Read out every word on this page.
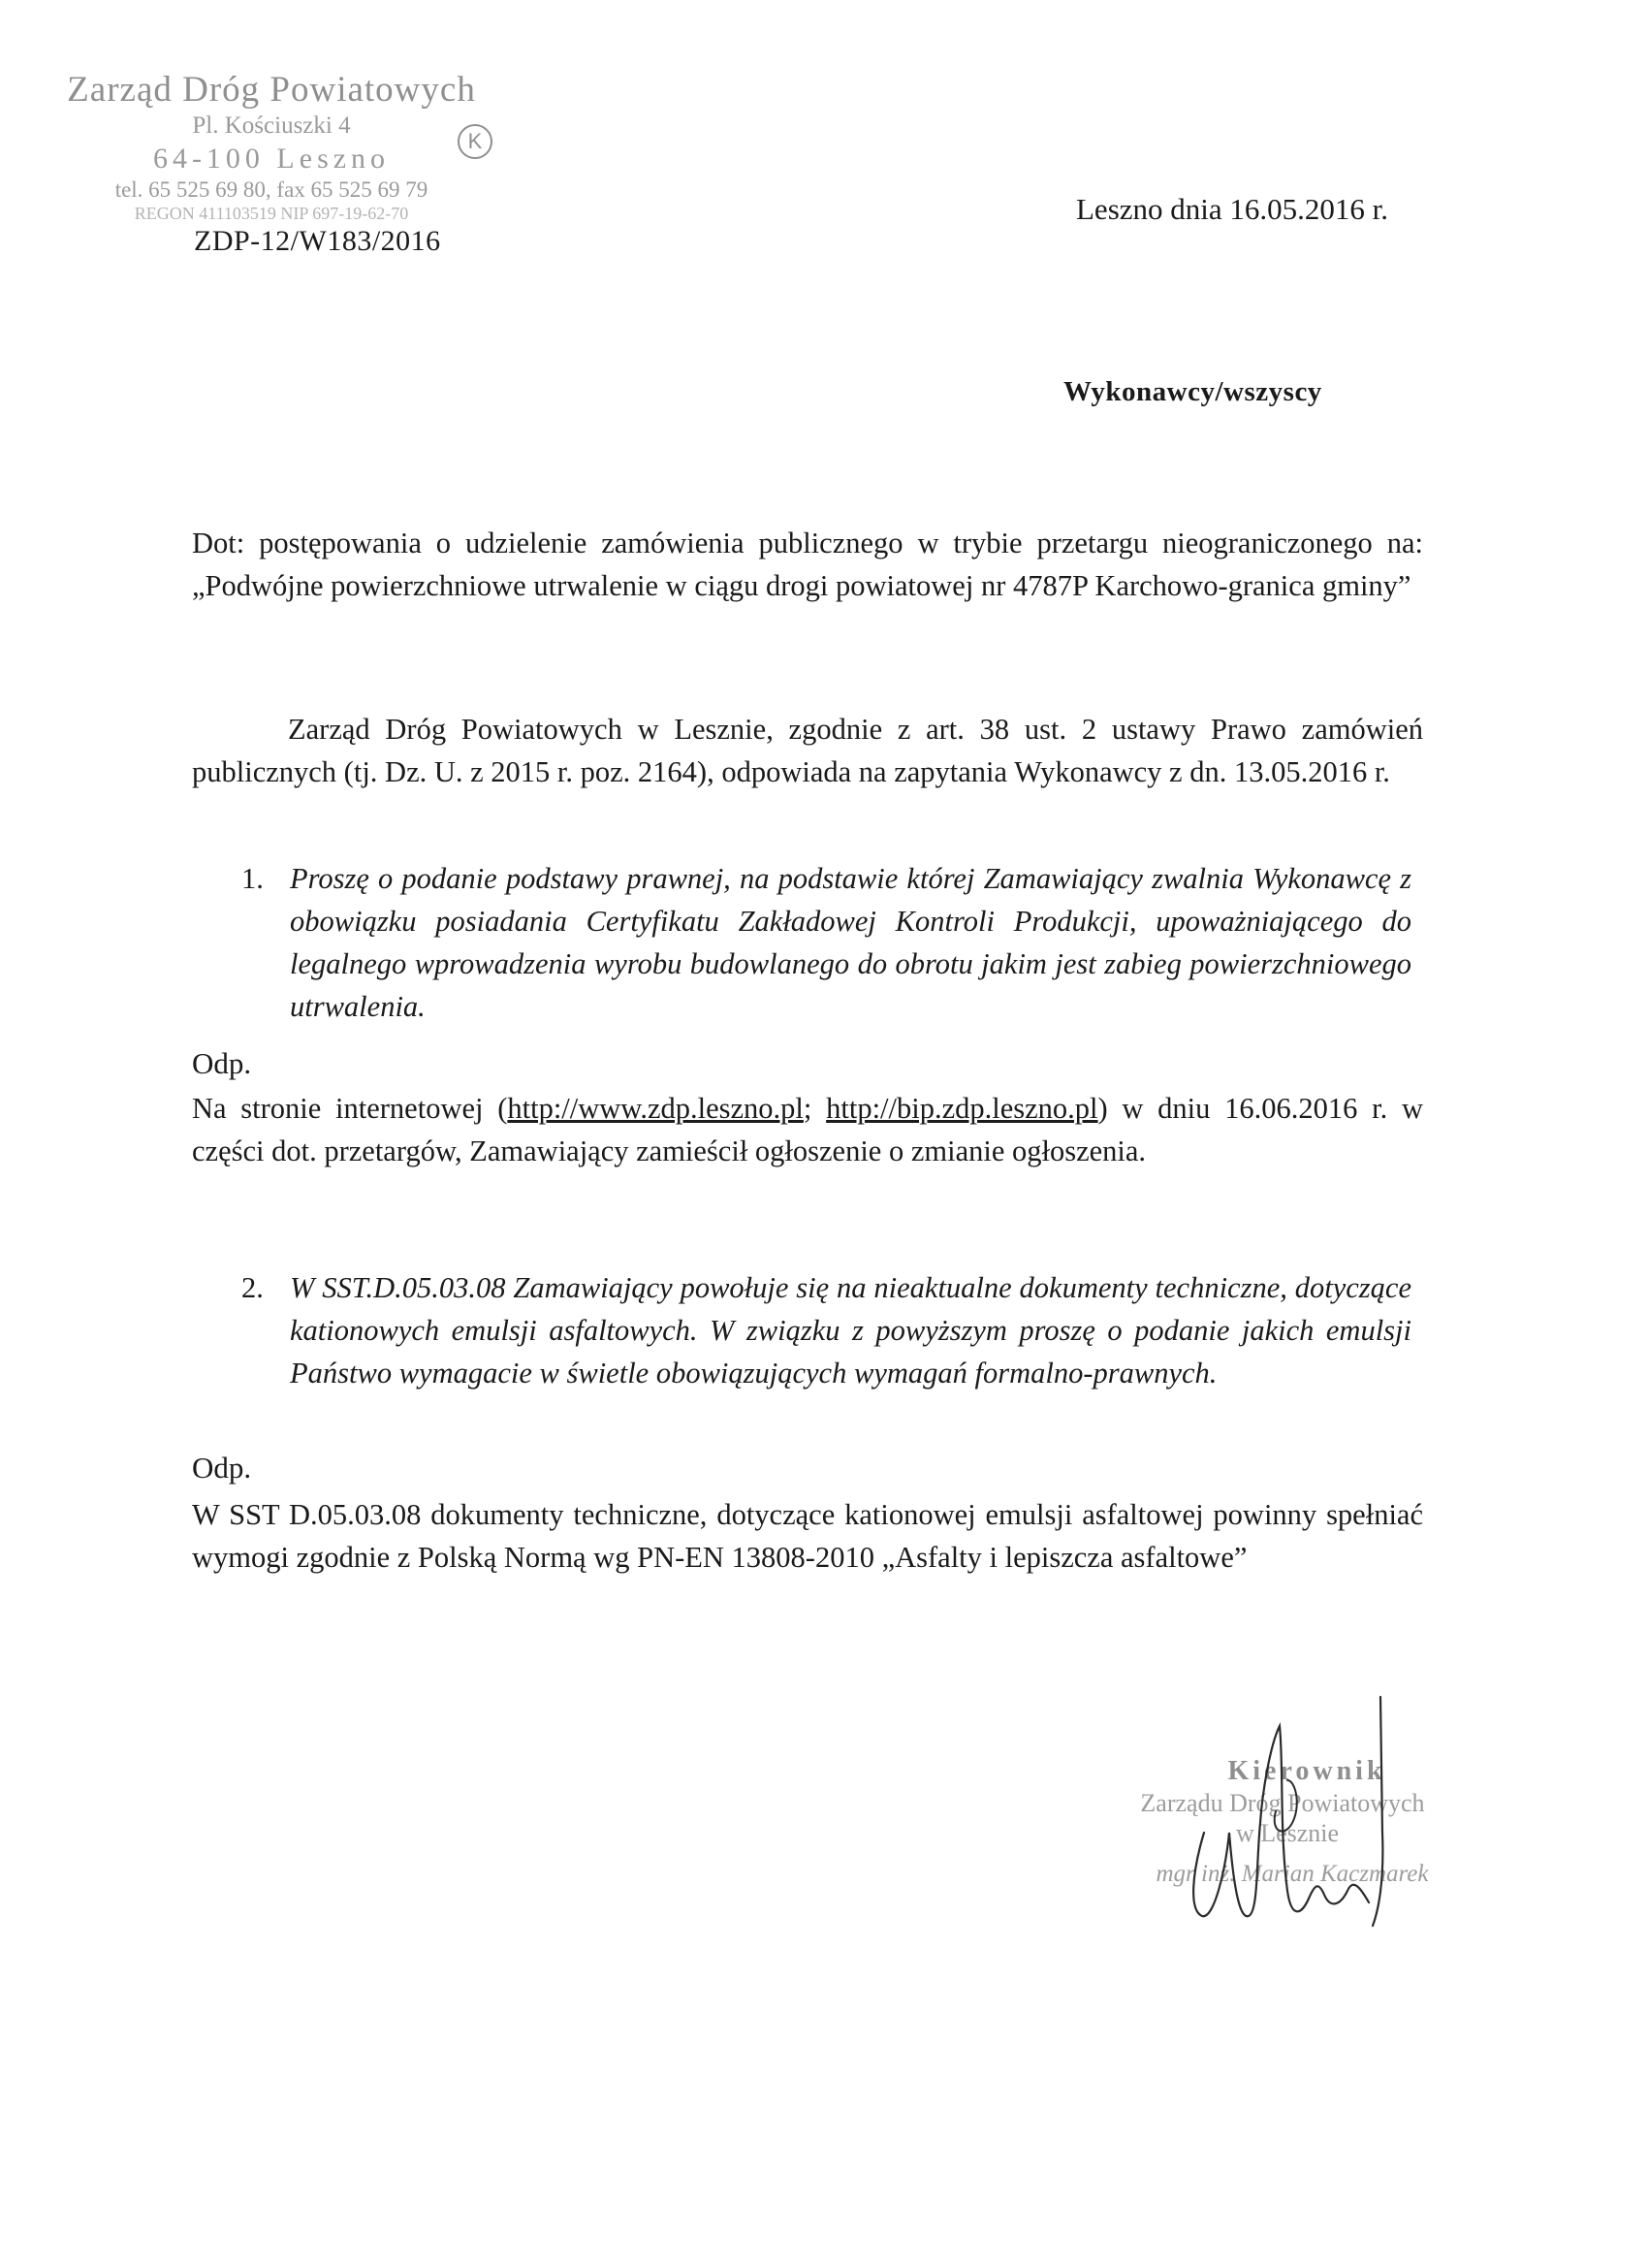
Zarząd Dróg Powiatowych
Pl. Kościuszki 4
64-100 Leszno
tel. 65 525 69 80, fax 65 525 69 79
REGON 411103519 NIP 697-19-62-70
K
ZDP-12/W183/2016
Leszno dnia 16.05.2016 r.
Wykonawcy/wszyscy
Dot: postępowania o udzielenie zamówienia publicznego w trybie przetargu nieograniczonego na: „Podwójne powierzchniowe utrwalenie w ciągu drogi powiatowej nr 4787P Karchowo-granica gminy”
Zarząd Dróg Powiatowych w Lesznie, zgodnie z art. 38 ust. 2 ustawy Prawo zamówień publicznych (tj. Dz. U. z 2015 r. poz. 2164), odpowiada na zapytania Wykonawcy z dn. 13.05.2016 r.
1. Proszę o podanie podstawy prawnej, na podstawie której Zamawiający zwalnia Wykonawcę z obowiązku posiadania Certyfikatu Zakładowej Kontroli Produkcji, upoważniającego do legalnego wprowadzenia wyrobu budowlanego do obrotu jakim jest zabieg powierzchniowego utrwalenia.
Odp.
Na stronie internetowej (http://www.zdp.leszno.pl; http://bip.zdp.leszno.pl) w dniu 16.06.2016 r. w części dot. przetargów, Zamawiający zamieścił ogłoszenie o zmianie ogłoszenia.
2. W SST.D.05.03.08 Zamawiający powołuje się na nieaktualne dokumenty techniczne, dotyczące kationowych emulsji asfaltowych. W związku z powyższym proszę o podanie jakich emulsji Państwo wymagacie w świetle obowiązujących wymagań formalno-prawnych.
Odp.
W SST D.05.03.08 dokumenty techniczne, dotyczące kationowej emulsji asfaltowej powinny spełniać wymogi zgodnie z Polską Normą wg PN-EN 13808-2010 „Asfalty i lepiszcza asfaltowe”
Kierownik
Zarządu Dróg Powiatowych
w Lesznie
mgr inż. Marian Kaczmarek
